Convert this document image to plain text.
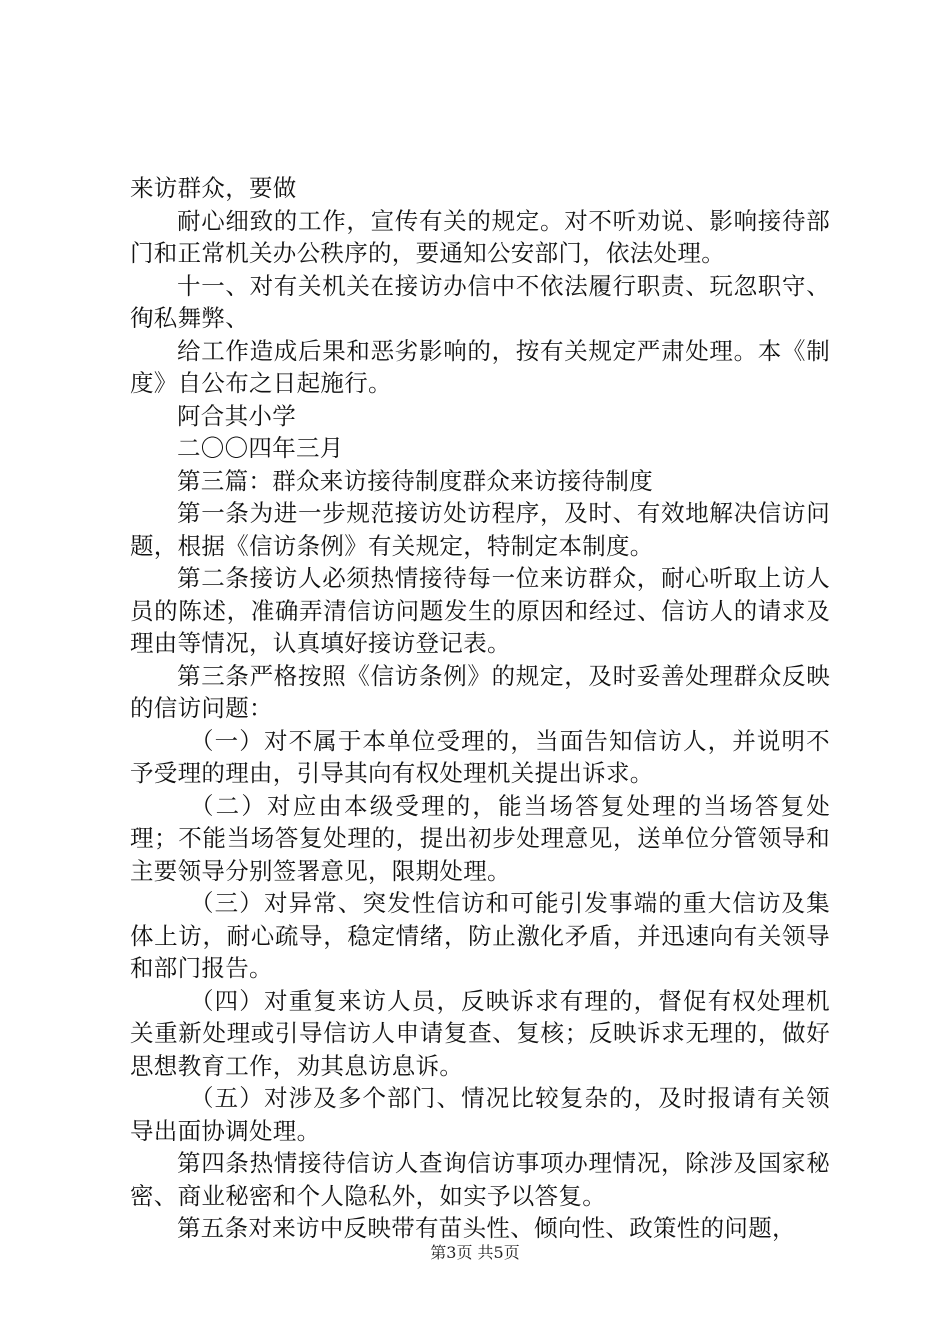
来访群众，要做

耐心细致的工作，宣传有关的规定。对不听劝说、影响接待部门和正常机关办公秩序的，要通知公安部门，依法处理。

十一、对有关机关在接访办信中不依法履行职责、玩忽职守、徇私舞弊、

给工作造成后果和恶劣影响的，按有关规定严肃处理。本《制度》自公布之日起施行。

阿合其小学

二〇〇四年三月

第三篇：群众来访接待制度群众来访接待制度

第一条为进一步规范接访处访程序，及时、有效地解决信访问题，根据《信访条例》有关规定，特制定本制度。

第二条接访人必须热情接待每一位来访群众，耐心听取上访人员的陈述，准确弄清信访问题发生的原因和经过、信访人的请求及理由等情况，认真填好接访登记表。

第三条严格按照《信访条例》的规定，及时妥善处理群众反映的信访问题：

（一）对不属于本单位受理的，当面告知信访人，并说明不予受理的理由，引导其向有权处理机关提出诉求。

（二）对应由本级受理的，能当场答复处理的当场答复处理；不能当场答复处理的，提出初步处理意见，送单位分管领导和主要领导分别签署意见，限期处理。

（三）对异常、突发性信访和可能引发事端的重大信访及集体上访，耐心疏导，稳定情绪，防止激化矛盾，并迅速向有关领导和部门报告。

（四）对重复来访人员，反映诉求有理的，督促有权处理机关重新处理或引导信访人申请复查、复核；反映诉求无理的，做好思想教育工作，劝其息访息诉。

（五）对涉及多个部门、情况比较复杂的，及时报请有关领导出面协调处理。

第四条热情接待信访人查询信访事项办理情况，除涉及国家秘密、商业秘密和个人隐私外，如实予以答复。

第五条对来访中反映带有苗头性、倾向性、政策性的问题，

第3页 共5页
